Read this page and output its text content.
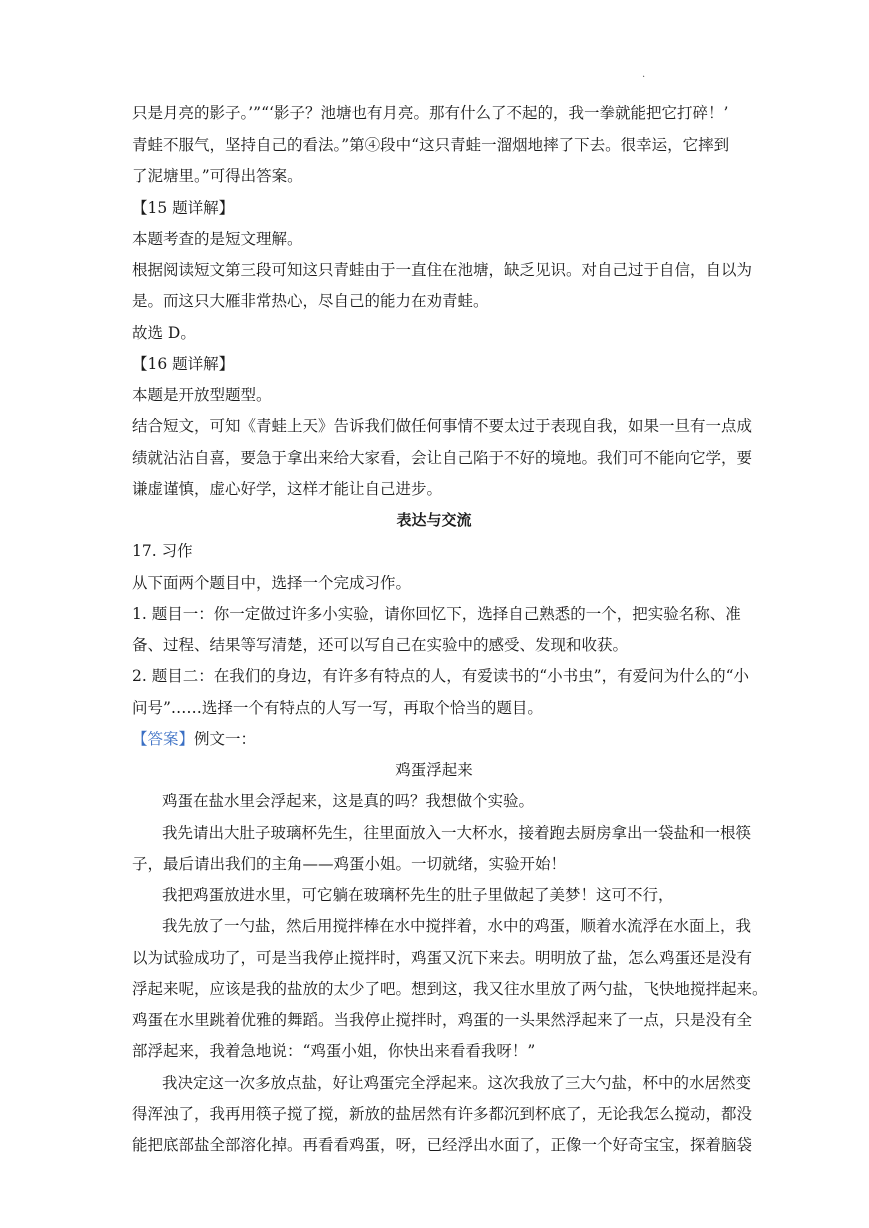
.
只是月亮的影子。’”“‘影子？池塘也有月亮。那有什么了不起的，我一拳就能把它打碎！’
青蛙不服气，坚持自己的看法。”第④段中“这只青蛙一溜烟地摔了下去。很幸运，它摔到
了泥塘里。”可得出答案。
【15 题详解】
本题考查的是短文理解。
根据阅读短文第三段可知这只青蛙由于一直住在池塘，缺乏见识。对自己过于自信，自以为
是。而这只大雁非常热心，尽自己的能力在劝青蛙。
故选 D。
【16 题详解】
本题是开放型题型。
结合短文，可知《青蛙上天》告诉我们做任何事情不要太过于表现自我，如果一旦有一点成
绩就沾沾自喜，要急于拿出来给大家看，会让自己陷于不好的境地。我们可不能向它学，要
谦虚谨慎，虚心好学，这样才能让自己进步。
表达与交流
17. 习作
从下面两个题目中，选择一个完成习作。
1. 题目一：你一定做过许多小实验，请你回忆下，选择自己熟悉的一个，把实验名称、准
备、过程、结果等写清楚，还可以写自己在实验中的感受、发现和收获。
2. 题目二：在我们的身边，有许多有特点的人，有爱读书的“小书虫”，有爱问为什么的“小
问号”……选择一个有特点的人写一写，再取个恰当的题目。
【答案】例文一：
鸡蛋浮起来
鸡蛋在盐水里会浮起来，这是真的吗？我想做个实验。
我先请出大肚子玻璃杯先生，往里面放入一大杯水，接着跑去厨房拿出一袋盐和一根筷
子，最后请出我们的主角——鸡蛋小姐。一切就绪，实验开始！
我把鸡蛋放进水里，可它躺在玻璃杯先生的肚子里做起了美梦！这可不行，
我先放了一勺盐，然后用搅拌棒在水中搅拌着，水中的鸡蛋，顺着水流浮在水面上，我
以为试验成功了，可是当我停止搅拌时，鸡蛋又沉下来去。明明放了盐，怎么鸡蛋还是没有
浮起来呢，应该是我的盐放的太少了吧。想到这，我又往水里放了两勺盐，飞快地搅拌起来。
鸡蛋在水里跳着优雅的舞蹈。当我停止搅拌时，鸡蛋的一头果然浮起来了一点，只是没有全
部浮起来，我着急地说：“鸡蛋小姐，你快出来看看我呀！”
我决定这一次多放点盐，好让鸡蛋完全浮起来。这次我放了三大勺盐，杯中的水居然变
得浑浊了，我再用筷子搅了搅，新放的盐居然有许多都沉到杯底了，无论我怎么搅动，都没
能把底部盐全部溶化掉。再看看鸡蛋，呀，已经浮出水面了，正像一个好奇宝宝，探着脑袋
